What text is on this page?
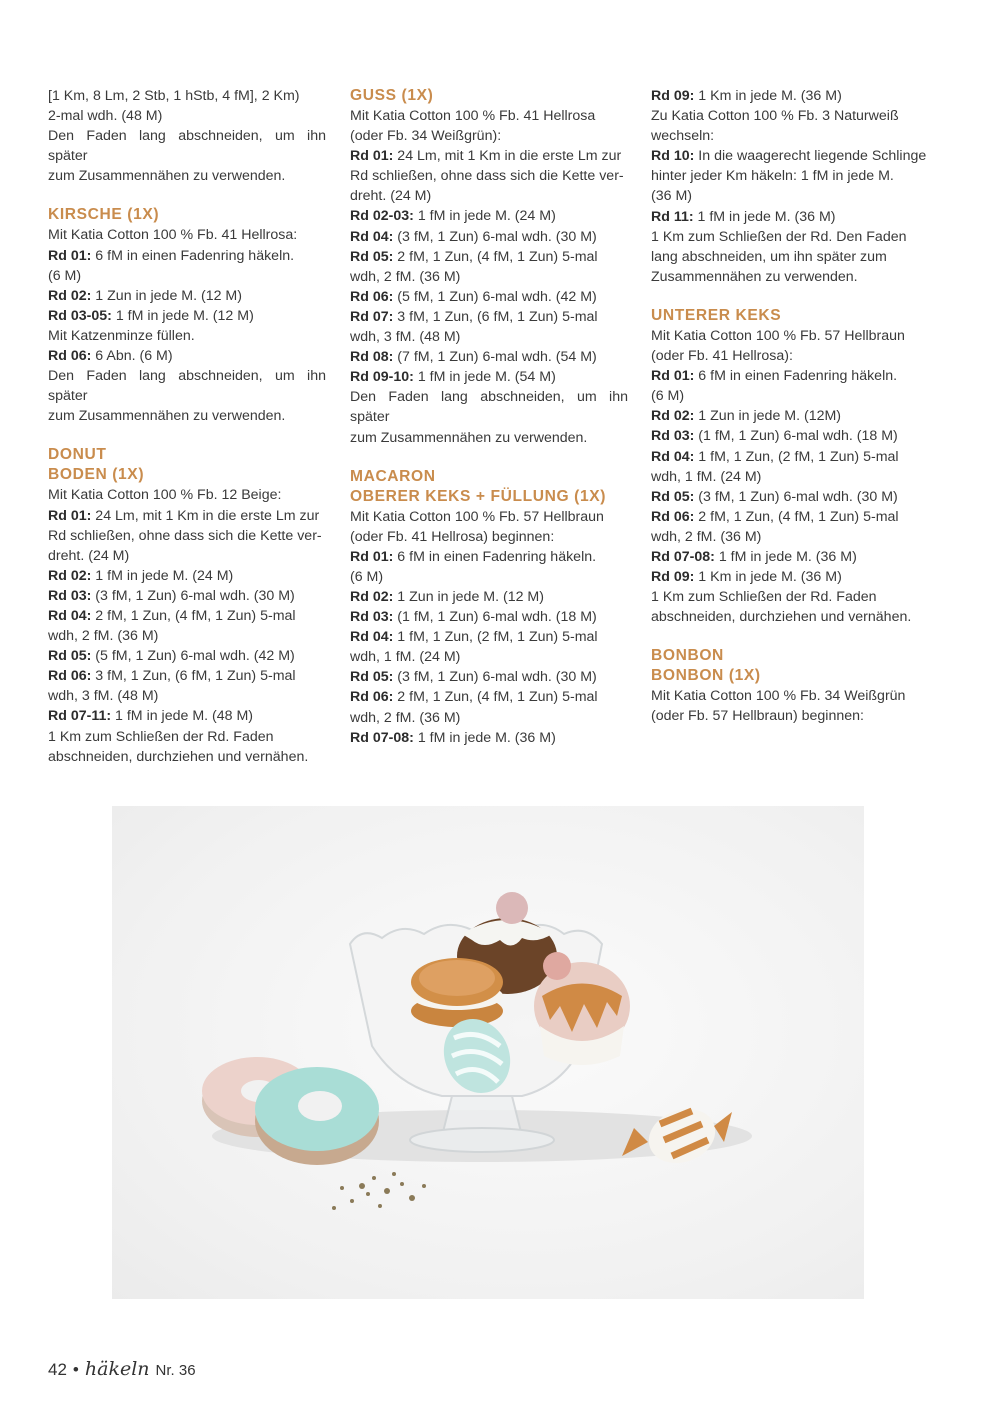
[1 Km, 8 Lm, 2 Stb, 1 hStb, 4 fM], 2 Km)
2-mal wdh. (48 M)
Den Faden lang abschneiden, um ihn später
zum Zusammennähen zu verwenden.
KIRSCHE (1X)
Mit Katia Cotton 100 % Fb. 41 Hellrosa:
Rd 01: 6 fM in einen Fadenring häkeln.
(6 M)
Rd 02: 1 Zun in jede M. (12 M)
Rd 03-05: 1 fM in jede M. (12 M)
Mit Katzenminze füllen.
Rd 06: 6 Abn. (6 M)
Den Faden lang abschneiden, um ihn später
zum Zusammennähen zu verwenden.
DONUT
BODEN (1X)
Mit Katia Cotton 100 % Fb. 12 Beige:
Rd 01: 24 Lm, mit 1 Km in die erste Lm zur
Rd schließen, ohne dass sich die Kette ver-
dreht. (24 M)
Rd 02: 1 fM in jede M. (24 M)
Rd 03: (3 fM, 1 Zun) 6-mal wdh. (30 M)
Rd 04: 2 fM, 1 Zun, (4 fM, 1 Zun) 5-mal
wdh, 2 fM. (36 M)
Rd 05: (5 fM, 1 Zun) 6-mal wdh. (42 M)
Rd 06: 3 fM, 1 Zun, (6 fM, 1 Zun) 5-mal
wdh, 3 fM. (48 M)
Rd 07-11: 1 fM in jede M. (48 M)
1 Km zum Schließen der Rd. Faden
abschneiden, durchziehen und vernähen.
GUSS (1X)
Mit Katia Cotton 100 % Fb. 41 Hellrosa
(oder Fb. 34 Weißgrün):
Rd 01: 24 Lm, mit 1 Km in die erste Lm zur
Rd schließen, ohne dass sich die Kette ver-
dreht. (24 M)
Rd 02-03: 1 fM in jede M. (24 M)
Rd 04: (3 fM, 1 Zun) 6-mal wdh. (30 M)
Rd 05: 2 fM, 1 Zun, (4 fM, 1 Zun) 5-mal
wdh, 2 fM. (36 M)
Rd 06: (5 fM, 1 Zun) 6-mal wdh. (42 M)
Rd 07: 3 fM, 1 Zun, (6 fM, 1 Zun) 5-mal
wdh, 3 fM. (48 M)
Rd 08: (7 fM, 1 Zun) 6-mal wdh. (54 M)
Rd 09-10: 1 fM in jede M. (54 M)
Den Faden lang abschneiden, um ihn später
zum Zusammennähen zu verwenden.
MACARON
OBERER KEKS + FÜLLUNG (1X)
Mit Katia Cotton 100 % Fb. 57 Hellbraun
(oder Fb. 41 Hellrosa) beginnen:
Rd 01: 6 fM in einen Fadenring häkeln.
(6 M)
Rd 02: 1 Zun in jede M. (12 M)
Rd 03: (1 fM, 1 Zun) 6-mal wdh. (18 M)
Rd 04: 1 fM, 1 Zun, (2 fM, 1 Zun) 5-mal
wdh, 1 fM. (24 M)
Rd 05: (3 fM, 1 Zun) 6-mal wdh. (30 M)
Rd 06: 2 fM, 1 Zun, (4 fM, 1 Zun) 5-mal
wdh, 2 fM. (36 M)
Rd 07-08: 1 fM in jede M. (36 M)
Rd 09: 1 Km in jede M. (36 M)
Zu Katia Cotton 100 % Fb. 3 Naturweiß
wechseln:
Rd 10: In die waagerecht liegende Schlinge
hinter jeder Km häkeln: 1 fM in jede M.
(36 M)
Rd 11: 1 fM in jede M. (36 M)
1 Km zum Schließen der Rd. Den Faden
lang abschneiden, um ihn später zum
Zusammennähen zu verwenden.
UNTERER KEKS
Mit Katia Cotton 100 % Fb. 57 Hellbraun
(oder Fb. 41 Hellrosa):
Rd 01: 6 fM in einen Fadenring häkeln.
(6 M)
Rd 02: 1 Zun in jede M. (12M)
Rd 03: (1 fM, 1 Zun) 6-mal wdh. (18 M)
Rd 04: 1 fM, 1 Zun, (2 fM, 1 Zun) 5-mal
wdh, 1 fM. (24 M)
Rd 05: (3 fM, 1 Zun) 6-mal wdh. (30 M)
Rd 06: 2 fM, 1 Zun, (4 fM, 1 Zun) 5-mal
wdh, 2 fM. (36 M)
Rd 07-08: 1 fM in jede M. (36 M)
Rd 09: 1 Km in jede M. (36 M)
1 Km zum Schließen der Rd. Faden
abschneiden, durchziehen und vernähen.
BONBON
BONBON (1X)
Mit Katia Cotton 100 % Fb. 34 Weißgrün
(oder Fb. 57 Hellbraun) beginnen:
42 • häkeln Nr. 36
